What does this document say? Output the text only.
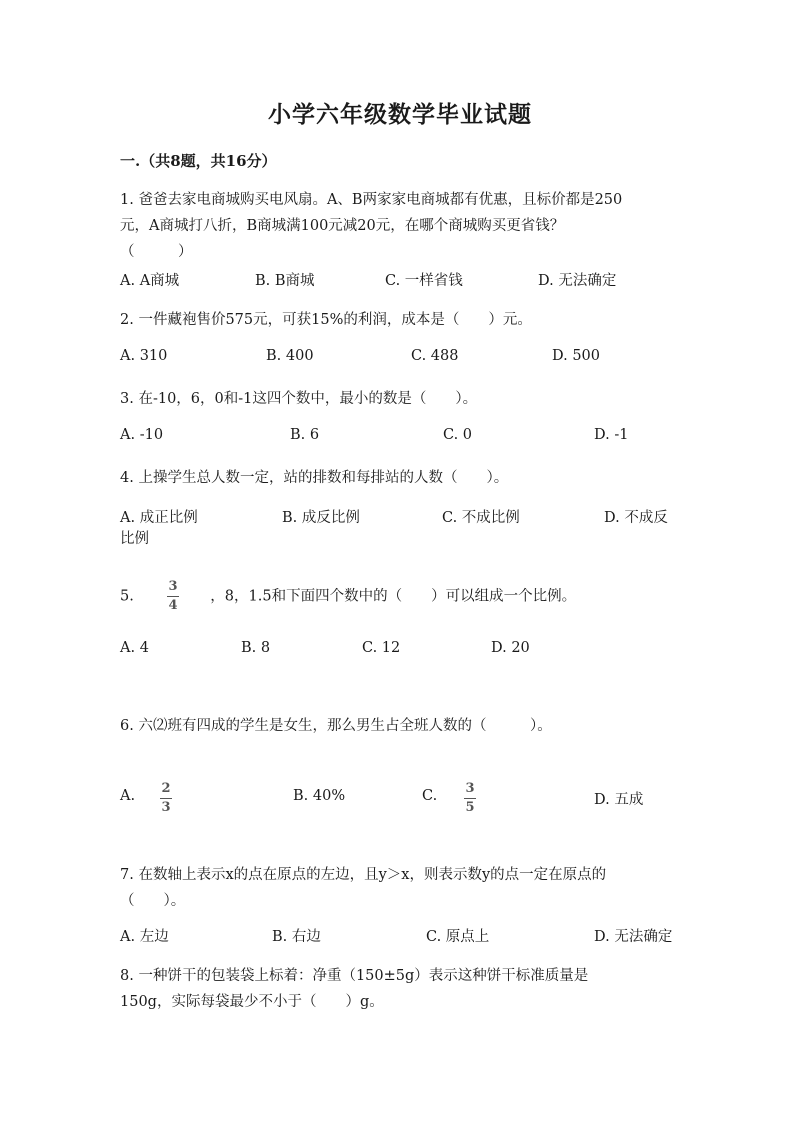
小学六年级数学毕业试题
一.（共8题，共16分）
1. 爸爸去家电商城购买电风扇。A、B两家家电商城都有优惠，且标价都是250
元，A商城打八折，B商城满100元减20元，在哪个商城购买更省钱？
（　　　）
A. A商城	B. B商城	C. 一样省钱	D. 无法确定
2. 一件藏袍售价575元，可获15%的利润，成本是（　　）元。
A. 310	B. 400	C. 488	D. 500
3. 在-10，6，0和-1这四个数中，最小的数是（　　）。
A. -10	B. 6	C. 0	D. -1
4. 上操学生总人数一定，站的排数和每排站的人数（　　）。
A. 成正比例	B. 成反比例	C. 不成比例	D. 不成反
比例
5.	$\frac{3}{4}$ ，8，1.5和下面四个数中的（　　）可以组成一个比例。
A. 4	B. 8	C. 12	D. 20
6. 六⑵班有四成的学生是女生，那么男生占全班人数的（　　　）。
A. 2
3
B. 40%	C. 3
5	D. 五成
7. 在数轴上表示x的点在原点的左边，且y＞x，则表示数y的点一定在原点的
（　　）。
A. 左边	B. 右边	C. 原点上	D. 无法确定
8. 一种饼干的包装袋上标着：净重（150±5g）表示这种饼干标准质量是
150g，实际每袋最少不小于（　　）g。
